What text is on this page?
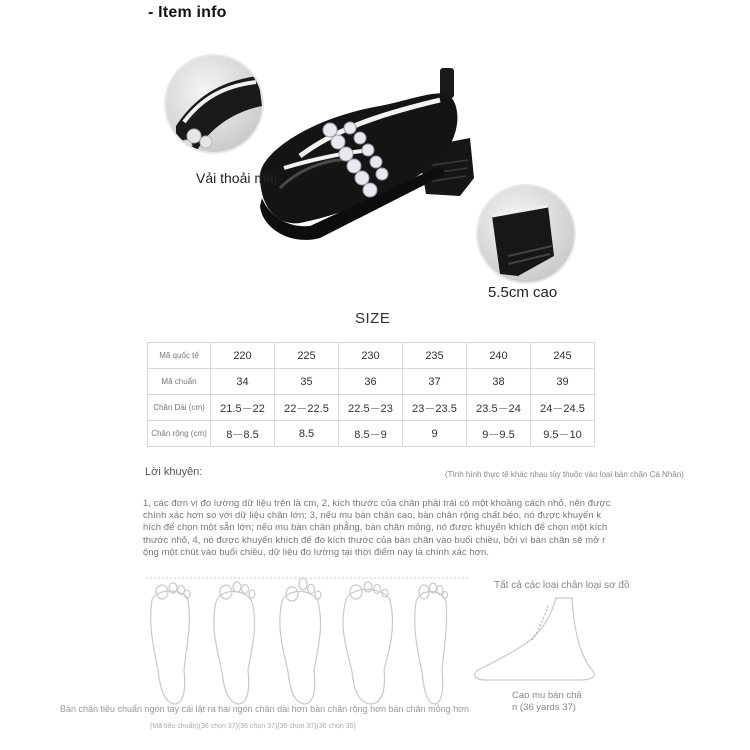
- Item info
Vải thoải mái
5.5cm cao
SIZE
Mã quốc tế	220	225	230	235	240	245
Mã chuẩn	34	35	36	37	38	39
Chân Dài (cm)	21.5－22	22－22.5	22.5－23	23－23.5	23.5－24	24－24.5
Chân rộng (cm)	8－8.5	8.5	8.5－9	9	9－9.5	9.5－10
Lời khuyên:	(Tình hình thực tế khác nhau tùy thuộc vào loại bàn chân Cá Nhân)
1, các đơn vị đo lường dữ liệu trên là cm, 2, kích thước của chân phải trái có một khoảng cách nhỏ, nên được
chính xác hơn so với dữ liệu chân lớn; 3, nếu mu bàn chân cao, bàn chân rộng chất béo, nó được khuyến k
hích để chọn một sẵn lớn; nếu mu bàn chân phẳng, bàn chân mỏng, nó được khuyến khích để chọn một kích
thước nhỏ, 4, nó được khuyến khích để đo kích thước của bàn chân vào buổi chiều, bởi vì bàn chân sẽ mở r
ộng một chút vào buổi chiều, dữ liệu đo lường tại thời điểm này là chính xác hơn.
Tất cả các loại chân loại sơ đồ
Cao mu bàn chả
n (36 yards 37)
Bàn chân tiêu chuẩn ngón tay cái lật ra hai ngón chân dài hơn bàn chân rộng hơn bàn chân mỏng hơn
(Mã tiêu chuẩn)(36 chọn 37)(36 chọn 37)(36 chọn 37)(36 chọn 35)
